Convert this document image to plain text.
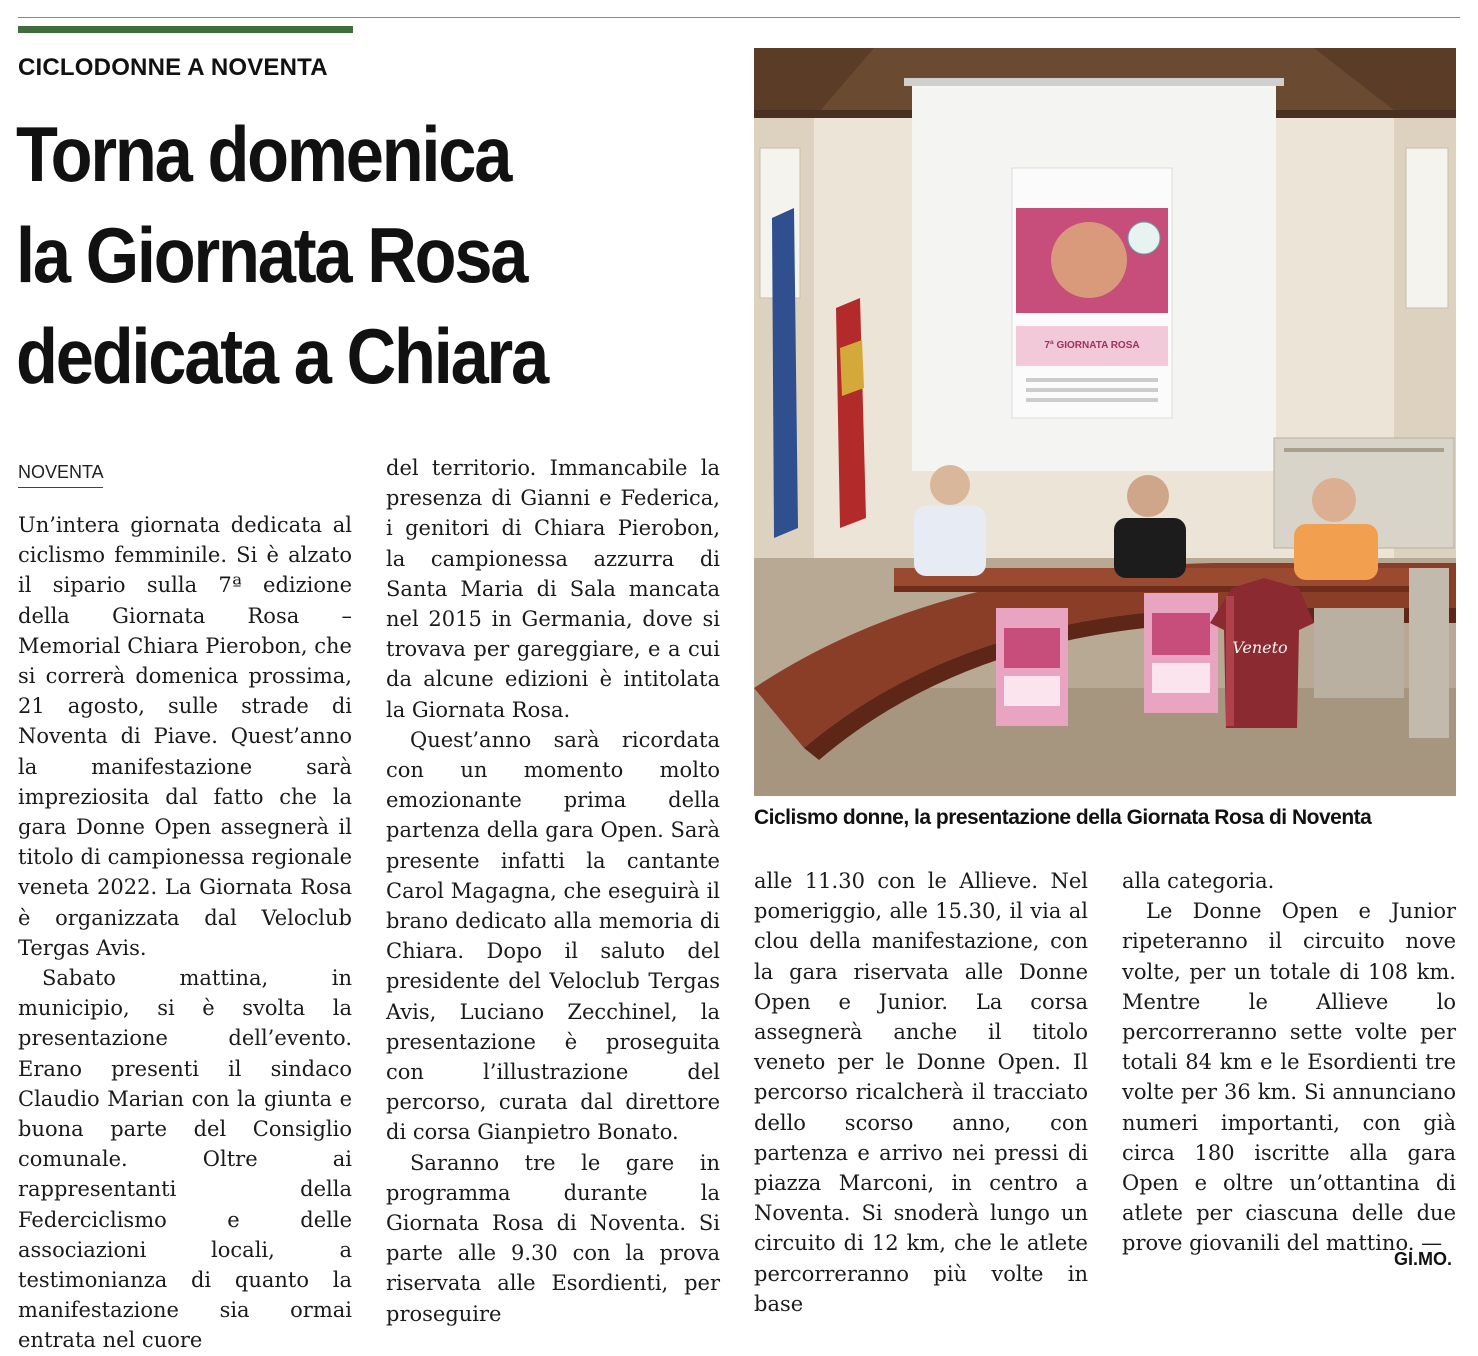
CICLODONNE A NOVENTA
Torna domenica
la Giornata Rosa
dedicata a Chiara
NOVENTA

Un’intera giornata dedicata al ciclismo femminile. Si è alzato il sipario sulla 7ª edizione della Giornata Rosa – Memorial Chiara Pierobon, che si correrà domenica prossima, 21 agosto, sulle strade di Noventa di Piave. Quest’anno la manifestazione sarà impreziosita dal fatto che la gara Donne Open assegnerà il titolo di campionessa regionale veneta 2022. La Giornata Rosa è organizzata dal Veloclub Tergas Avis.

Sabato mattina, in municipio, si è svolta la presentazione dell’evento. Erano presenti il sindaco Claudio Marian con la giunta e buona parte del Consiglio comunale. Oltre ai rappresentanti della Federciclismo e delle associazioni locali, a testimonianza di quanto la manifestazione sia ormai entrata nel cuore

del territorio. Immancabile la presenza di Gianni e Federica, i genitori di Chiara Pierobon, la campionessa azzurra di Santa Maria di Sala mancata nel 2015 in Germania, dove si trovava per gareggiare, e a cui da alcune edizioni è intitolata la Giornata Rosa.

Quest’anno sarà ricordata con un momento molto emozionante prima della partenza della gara Open. Sarà presente infatti la cantante Carol Magagna, che eseguirà il brano dedicato alla memoria di Chiara. Dopo il saluto del presidente del Veloclub Tergas Avis, Luciano Zecchinel, la presentazione è proseguita con l’illustrazione del percorso, curata dal direttore di corsa Gianpietro Bonato.

Saranno tre le gare in programma durante la Giornata Rosa di Noventa. Si parte alle 9.30 con la prova riservata alle Esordienti, per proseguire

alle 11.30 con le Allieve. Nel pomeriggio, alle 15.30, il via al clou della manifestazione, con la gara riservata alle Donne Open e Junior. La corsa assegnerà anche il titolo veneto per le Donne Open. Il percorso ricalcherà il tracciato dello scorso anno, con partenza e arrivo nei pressi di piazza Marconi, in centro a Noventa. Si snoderà lungo un circuito di 12 km, che le atlete percorreranno più volte in base

alla categoria.

Le Donne Open e Junior ripeteranno il circuito nove volte, per un totale di 108 km. Mentre le Allieve lo percorreranno sette volte per totali 84 km e le Esordienti tre volte per 36 km. Si annunciano numeri importanti, con già circa 180 iscritte alla gara Open e oltre un’ottantina di atlete per ciascuna delle due prove giovanili del mattino. —

GI.MO.
7ª GIORNATA ROSA
Veneto
Ciclismo donne, la presentazione della Giornata Rosa di Noventa
